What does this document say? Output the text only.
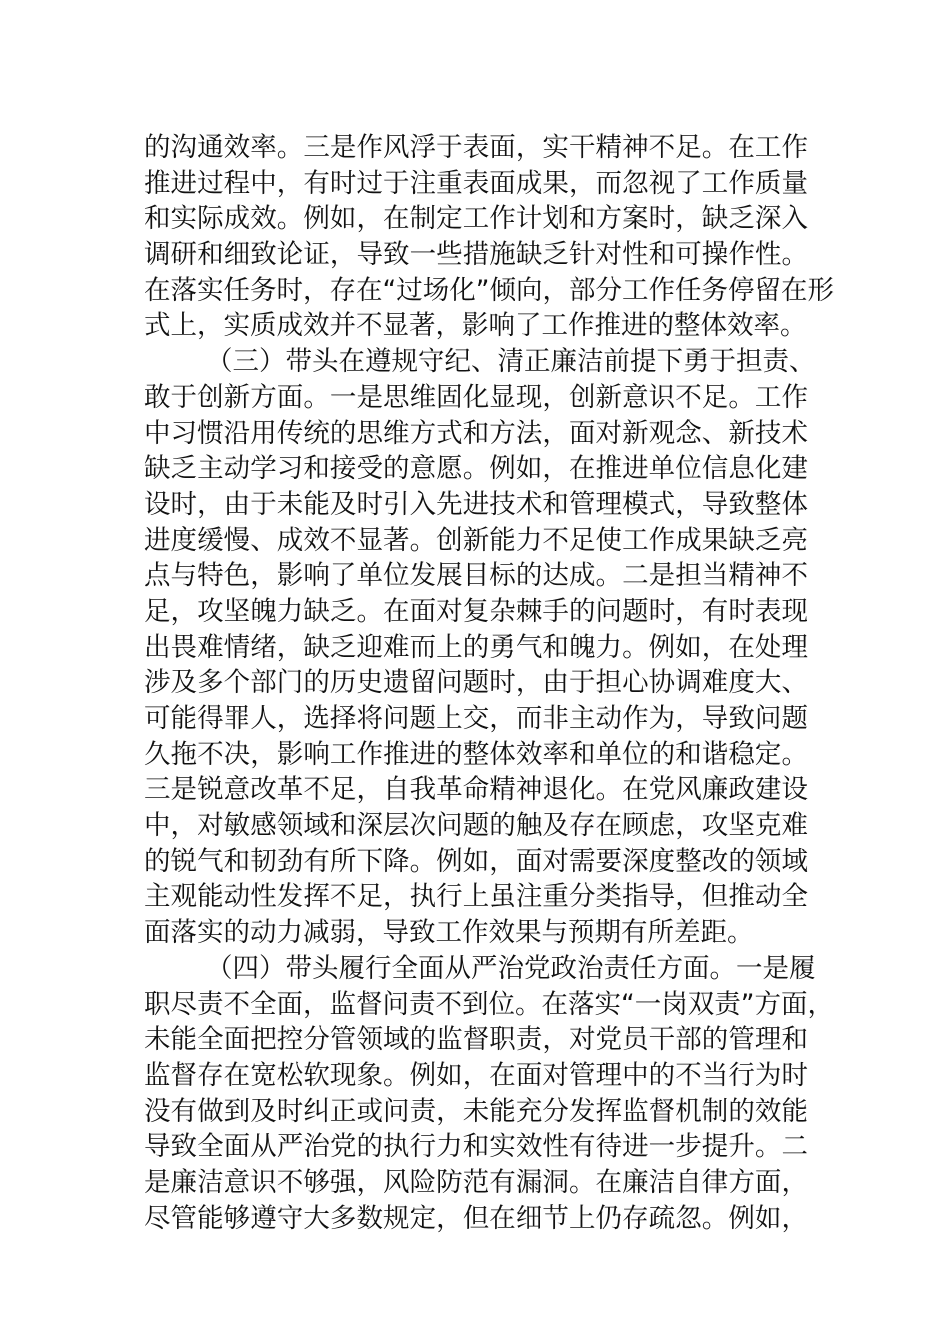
的沟通效率。三是作风浮于表面，实干精神不足。在工作
推进过程中，有时过于注重表面成果，而忽视了工作质量
和实际成效。例如，在制定工作计划和方案时，缺乏深入
调研和细致论证，导致一些措施缺乏针对性和可操作性。
在落实任务时，存在“过场化”倾向，部分工作任务停留在形
式上，实质成效并不显著，影响了工作推进的整体效率。
（三）带头在遵规守纪、清正廉洁前提下勇于担责、
敢于创新方面。一是思维固化显现，创新意识不足。工作
中习惯沿用传统的思维方式和方法，面对新观念、新技术
缺乏主动学习和接受的意愿。例如，在推进单位信息化建
设时，由于未能及时引入先进技术和管理模式，导致整体
进度缓慢、成效不显著。创新能力不足使工作成果缺乏亮
点与特色，影响了单位发展目标的达成。二是担当精神不
足，攻坚魄力缺乏。在面对复杂棘手的问题时，有时表现
出畏难情绪，缺乏迎难而上的勇气和魄力。例如，在处理
涉及多个部门的历史遗留问题时，由于担心协调难度大、
可能得罪人，选择将问题上交，而非主动作为，导致问题
久拖不决，影响工作推进的整体效率和单位的和谐稳定。
三是锐意改革不足，自我革命精神退化。在党风廉政建设
中，对敏感领域和深层次问题的触及存在顾虑，攻坚克难
的锐气和韧劲有所下降。例如，面对需要深度整改的领域
主观能动性发挥不足，执行上虽注重分类指导，但推动全
面落实的动力减弱，导致工作效果与预期有所差距。
（四）带头履行全面从严治党政治责任方面。一是履
职尽责不全面，监督问责不到位。在落实“一岗双责”方面，
未能全面把控分管领域的监督职责，对党员干部的管理和
监督存在宽松软现象。例如，在面对管理中的不当行为时
没有做到及时纠正或问责，未能充分发挥监督机制的效能
导致全面从严治党的执行力和实效性有待进一步提升。二
是廉洁意识不够强，风险防范有漏洞。在廉洁自律方面，
尽管能够遵守大多数规定，但在细节上仍存疏忽。例如，
